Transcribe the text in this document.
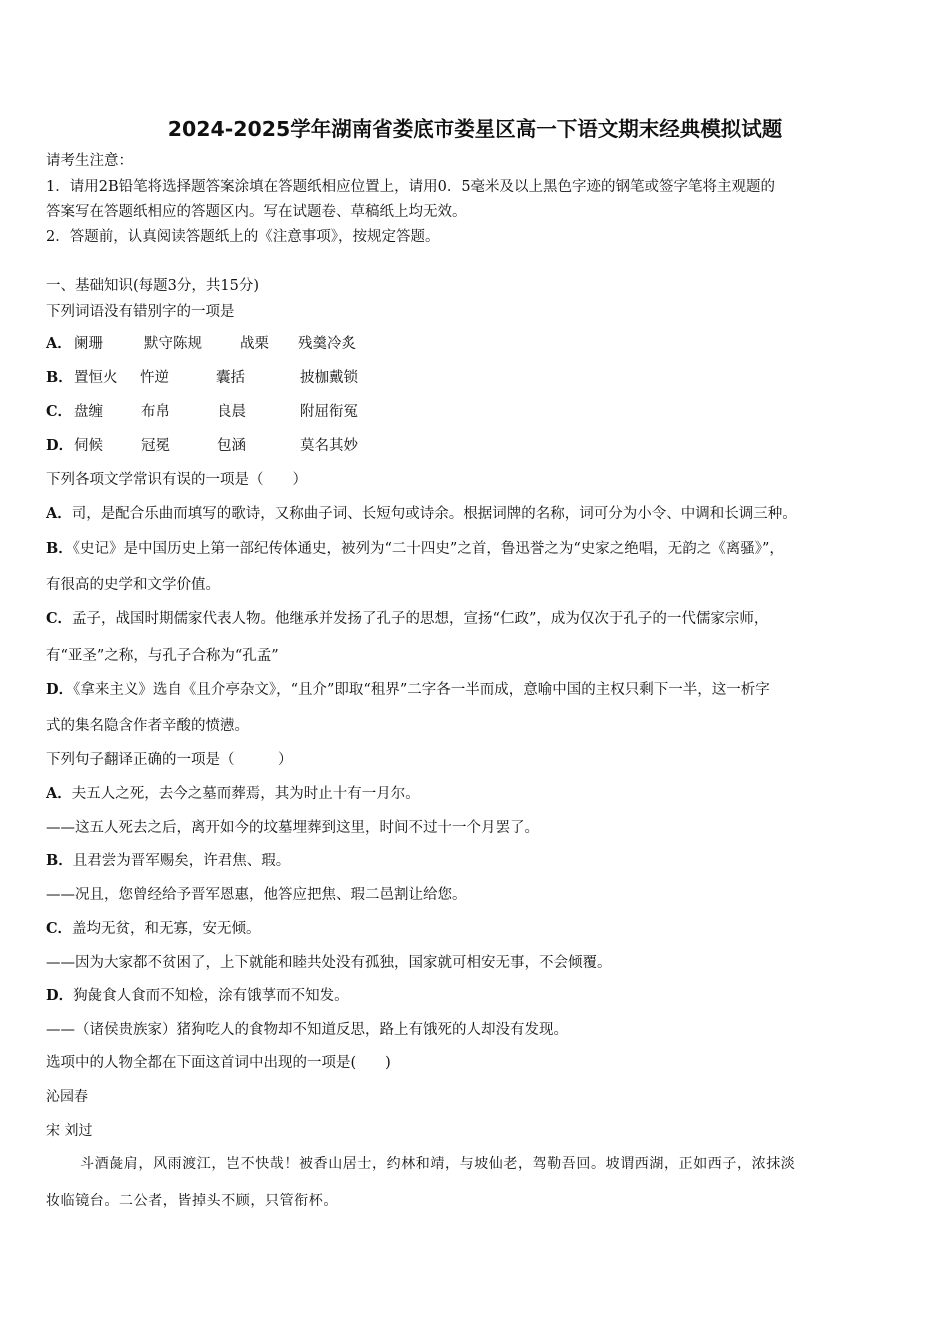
2024-2025学年湖南省娄底市娄星区高一下语文期末经典模拟试题
请考生注意：
1．请用2B铅笔将选择题答案涂填在答题纸相应位置上，请用0．5毫米及以上黑色字迹的钢笔或签字笔将主观题的
答案写在答题纸相应的答题区内。写在试题卷、草稿纸上均无效。
2．答题前，认真阅读答题纸上的《注意事项》，按规定答题。
一、基础知识(每题3分，共15分)
下列词语没有错别字的一项是
A． 阑珊	默守陈规	战栗 残羹冷炙
B．置恒火 忤逆	囊括	披枷戴锁
C． 盘缠	布帛	良晨	附屈衔冤
D．伺候	冠冕	包涵	莫名其妙
下列各项文学常识有误的一项是（　　）
A．司，是配合乐曲而填写的歌诗，又称曲子词、长短句或诗余。根据词牌的名称，词可分为小令、中调和长调三种。
B．《史记》是中国历史上第一部纪传体通史，被列为“二十四史”之首，鲁迅誉之为“史家之绝唱，无韵之《离骚》”，
有很高的史学和文学价值。
C．孟子，战国时期儒家代表人物。他继承并发扬了孔子的思想，宣扬“仁政”，成为仅次于孔子的一代儒家宗师，
有“亚圣”之称，与孔子合称为“孔孟”
D．《拿来主义》选自《且介亭杂文》，“且介”即取“租界”二字各一半而成，意喻中国的主权只剩下一半，这一析字
式的集名隐含作者辛酸的愤懑。
下列句子翻译正确的一项是（　　　）
A．夫五人之死，去今之墓而葬焉，其为时止十有一月尔。
——这五人死去之后，离开如今的坟墓埋葬到这里，时间不过十一个月罢了。
B．且君尝为晋军赐矣，许君焦、瑕。
——况且，您曾经给予晋军恩惠，他答应把焦、瑕二邑割让给您。
C．盖均无贫，和无寡，安无倾。
——因为大家都不贫困了，上下就能和睦共处没有孤独，国家就可相安无事，不会倾覆。
D．狗彘食人食而不知检，涂有饿莩而不知发。
——（诸侯贵族家）猪狗吃人的食物却不知道反思，路上有饿死的人却没有发现。
选项中的人物全都在下面这首词中出现的一项是(　　)
沁园春
宋 刘过
斗酒彘肩，风雨渡江，岂不快哉！被香山居士，约林和靖，与坡仙老，驾勒吾回。坡谓西湖，正如西子，浓抹淡
妆临镜台。二公者，皆掉头不顾，只管衔杯。
